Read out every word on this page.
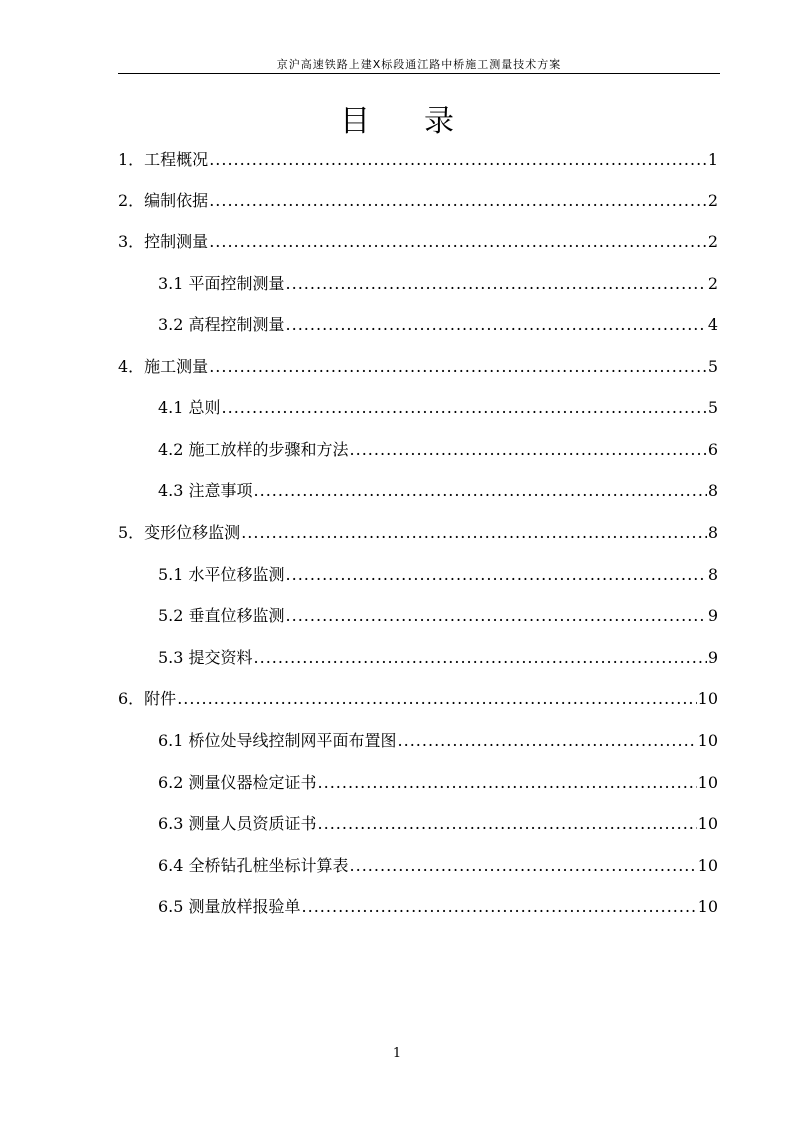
京沪高速铁路上建X标段通江路中桥施工测量技术方案
目录
1．工程概况 .....	1
2．编制依据 .....	2
3．控制测量 .....	2
3.1 平面控制测量 .....	2
3.2 高程控制测量 .....	4
4．施工测量 .....	5
4.1 总则 .....	5
4.2 施工放样的步骤和方法 .....	6
4.3 注意事项 .....	8
5．变形位移监测 .....	8
5.1 水平位移监测 .....	8
5.2 垂直位移监测 .....	9
5.3 提交资料 .....	9
6．附件 .....	10
6.1 桥位处导线控制网平面布置图 .....	10
6.2 测量仪器检定证书 .....	10
6.3 测量人员资质证书 .....	10
6.4 全桥钻孔桩坐标计算表 .....	10
6.5 测量放样报验单 .....	10
1
